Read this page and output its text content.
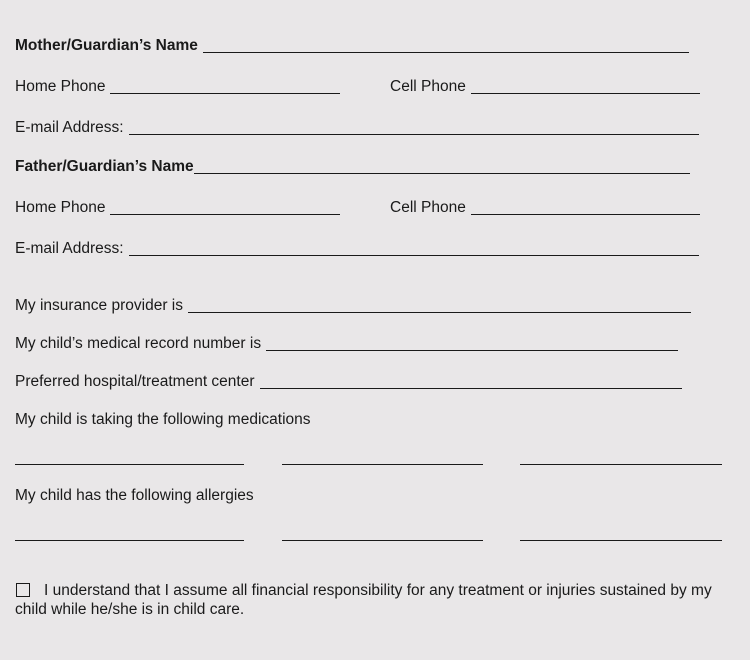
Mother/Guardian’s Name
Home Phone	Cell Phone
E-mail Address:
Father/Guardian’s Name
Home Phone	Cell Phone
E-mail Address:
My insurance provider is
My child’s medical record number is
Preferred hospital/treatment center
My child is taking the following medications
My child has the following allergies
I understand that I assume all financial responsibility for any treatment or injuries sustained by my child while he/she is in child care.
